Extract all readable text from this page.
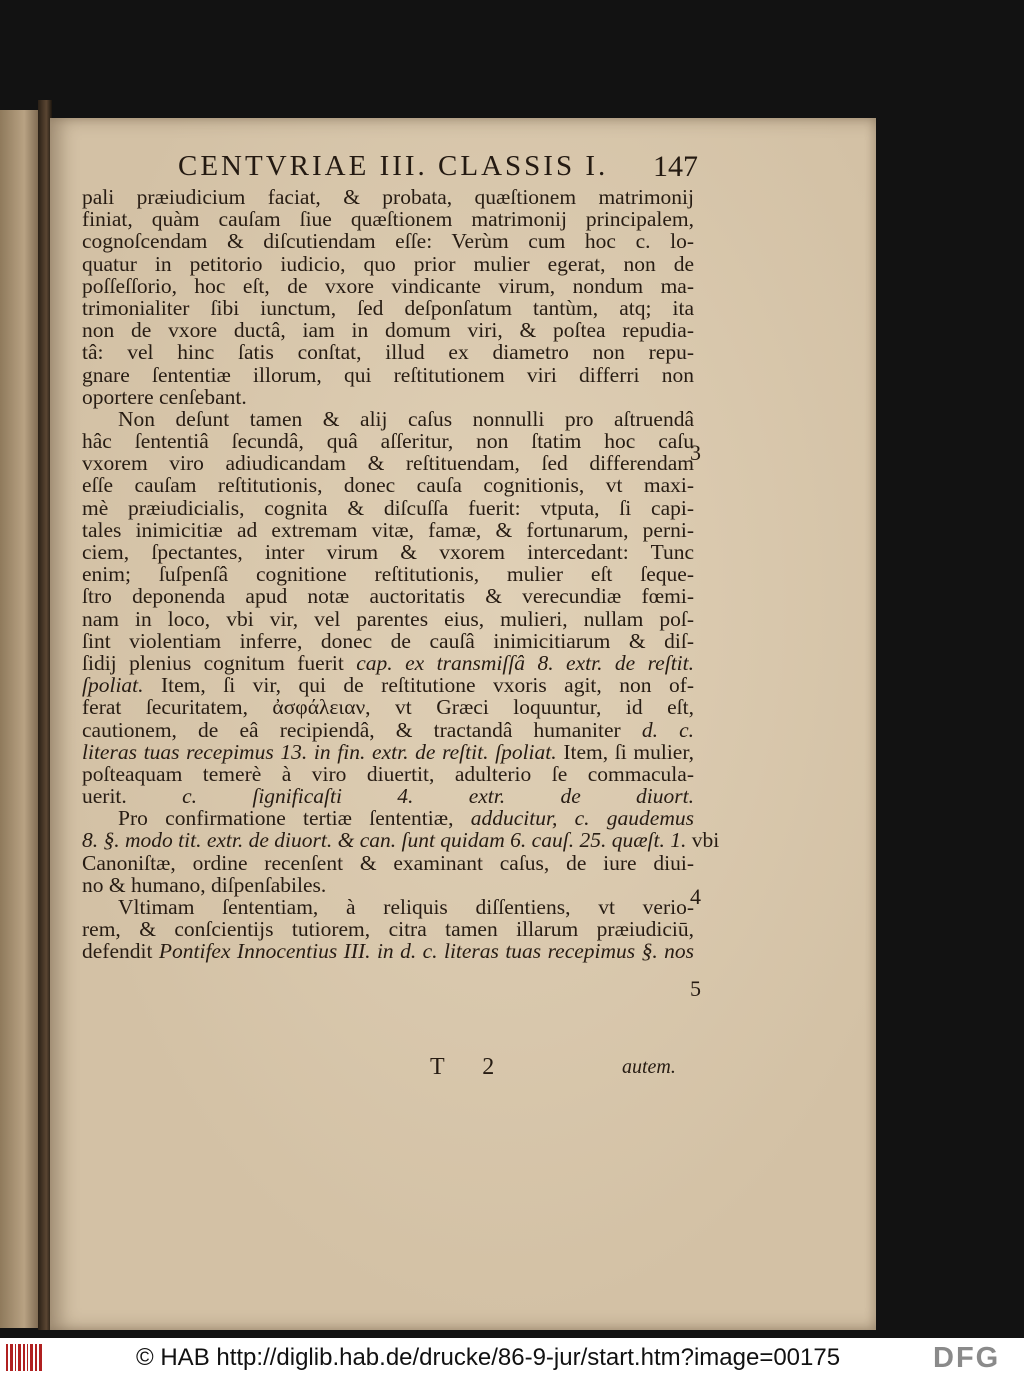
CENTVRIAE III. CLASSIS I. 147
pali præiudicium faciat, & probata, quæſtionem matrimonij
finiat, quàm cauſam ſiue quæſtionem matrimonij principalem,
cognoſcendam & diſcutiendam eſſe: Verùm cum hoc c. lo-
quatur in petitorio iudicio, quo prior mulier egerat, non de
poſſeſſorio, hoc eſt, de vxore vindicante virum, nondum ma-
trimonialiter ſibi iunctum, ſed deſponſatum tantùm, atq; ita
non de vxore ductâ, iam in domum viri, & poſtea repudia-
tâ: vel hinc ſatis conſtat, illud ex diametro non repu-
gnare ſententiæ illorum, qui reſtitutionem viri differri non
oportere cenſebant.
Non deſunt tamen & alij caſus nonnulli pro aſtruendâ
hâc ſententiâ ſecundâ, quâ aſſeritur, non ſtatim hoc caſu
vxorem viro adiudicandam & reſtituendam, ſed differendam
eſſe cauſam reſtitutionis, donec cauſa cognitionis, vt maxi-
mè præiudicialis, cognita & diſcuſſa fuerit: vtputa, ſi capi-
tales inimicitiæ ad extremam vitæ, famæ, & fortunarum, perni-
ciem, ſpectantes, inter virum & vxorem intercedant: Tunc
enim; ſuſpenſâ cognitione reſtitutionis, mulier eſt ſeque-
ſtro deponenda apud notæ auctoritatis & verecundiæ fœmi-
nam in loco, vbi vir, vel parentes eius, mulieri, nullam poſ-
ſint violentiam inferre, donec de cauſâ inimicitiarum & diſ-
ſidij plenius cognitum fuerit cap. ex transmiſſâ 8. extr. de reſtit.
ſpoliat. Item, ſi vir, qui de reſtitutione vxoris agit, non of-
ferat ſecuritatem, ἀσφάλειαν, vt Græci loquuntur, id eſt,
cautionem, de eâ recipiendâ, & tractandâ humaniter d. c.
literas tuas recepimus 13. in fin. extr. de reſtit. ſpoliat. Item, ſi mulier,
poſteaquam temerè à viro diuertit, adulterio ſe commacula-
uerit.	c. ſignificaſti 4. extr. de diuort.
Pro confirmatione tertiæ ſententiæ, adducitur, c. gaudemus
8. §. modo tit. extr. de diuort. & can. ſunt quidam 6. cauſ. 25. quæſt. 1. vbi
Canoniſtæ, ordine recenſent & examinant caſus, de iure diui-
no & humano, diſpenſabiles.
Vltimam ſententiam, à reliquis diſſentiens, vt verio-
rem, & conſcientijs tutiorem, citra tamen illarum præiudiciū,
defendit Pontifex Innocentius III. in d. c. literas tuas recepimus §. nos
3
4
5
T 2	autem.
© HAB http://diglib.hab.de/drucke/86-9-jur/start.htm?image=00175	DFG
